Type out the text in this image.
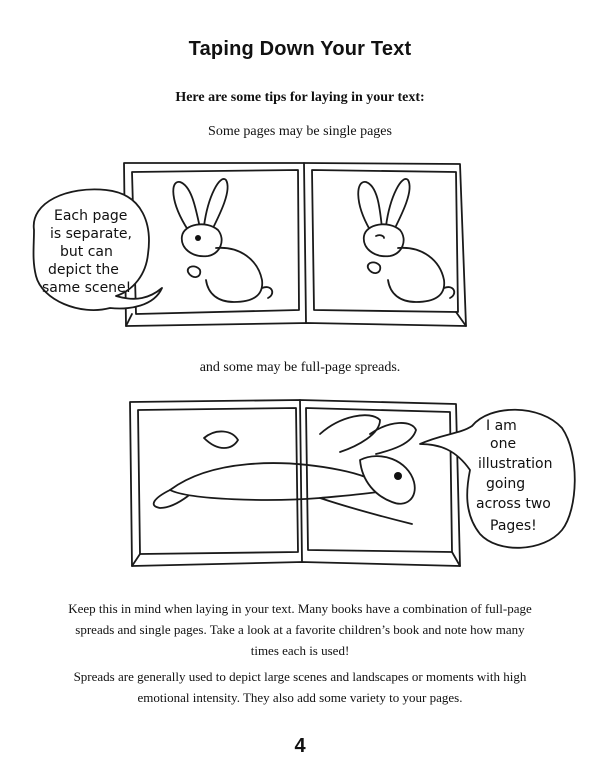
Taping Down Your Text
Here are some tips for laying in your text:
Some pages may be single pages
Each page
is separate,
but can
depict the
same scene!
and some may be full-page spreads.
I am
one
illustration
going
across two
Pages!
Keep this in mind when laying in your text. Many books have a combination of full-page spreads and single pages. Take a look at a favorite children’s book and note how many times each is used!
Spreads are generally used to depict large scenes and landscapes or moments with high emotional intensity. They also add some variety to your pages.
4
